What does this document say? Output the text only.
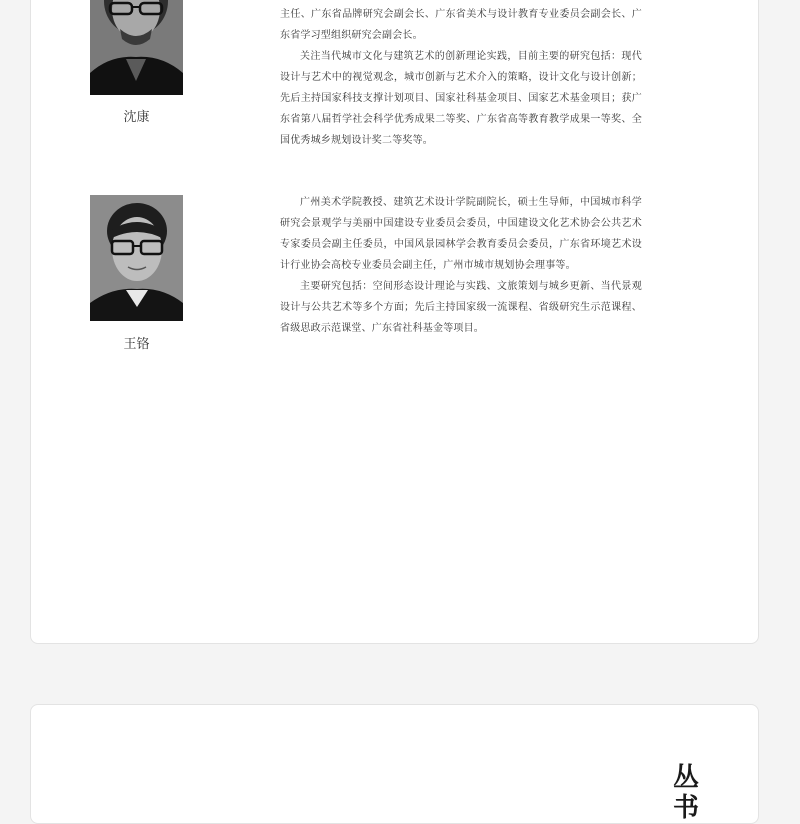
沈康

主任、广东省品牌研究会副会长、广东省美术与设计教育专业委员会副会长、广东省学习型组织研究会副会长。

关注当代城市文化与建筑艺术的创新理论实践，目前主要的研究包括：现代设计与艺术中的视觉观念，城市创新与艺术介入的策略，设计文化与设计创新；先后主持国家科技支撑计划项目、国家社科基金项目、国家艺术基金项目；获广东省第八届哲学社会科学优秀成果二等奖、广东省高等教育教学成果一等奖、全国优秀城乡规划设计奖二等奖等。

王铬

广州美术学院教授、建筑艺术设计学院副院长，硕士生导师，中国城市科学研究会景观学与美丽中国建设专业委员会委员，中国建设文化艺术协会公共艺术专家委员会副主任委员，中国风景园林学会教育委员会委员，广东省环境艺术设计行业协会高校专业委员会副主任，广州市城市规划协会理事等。

主要研究包括：空间形态设计理论与实践、文旅策划与城乡更新、当代景观设计与公共艺术等多个方面；先后主持国家级一流课程、省级研究生示范课程、省级思政示范课堂、广东省社科基金等项目。

丛书
